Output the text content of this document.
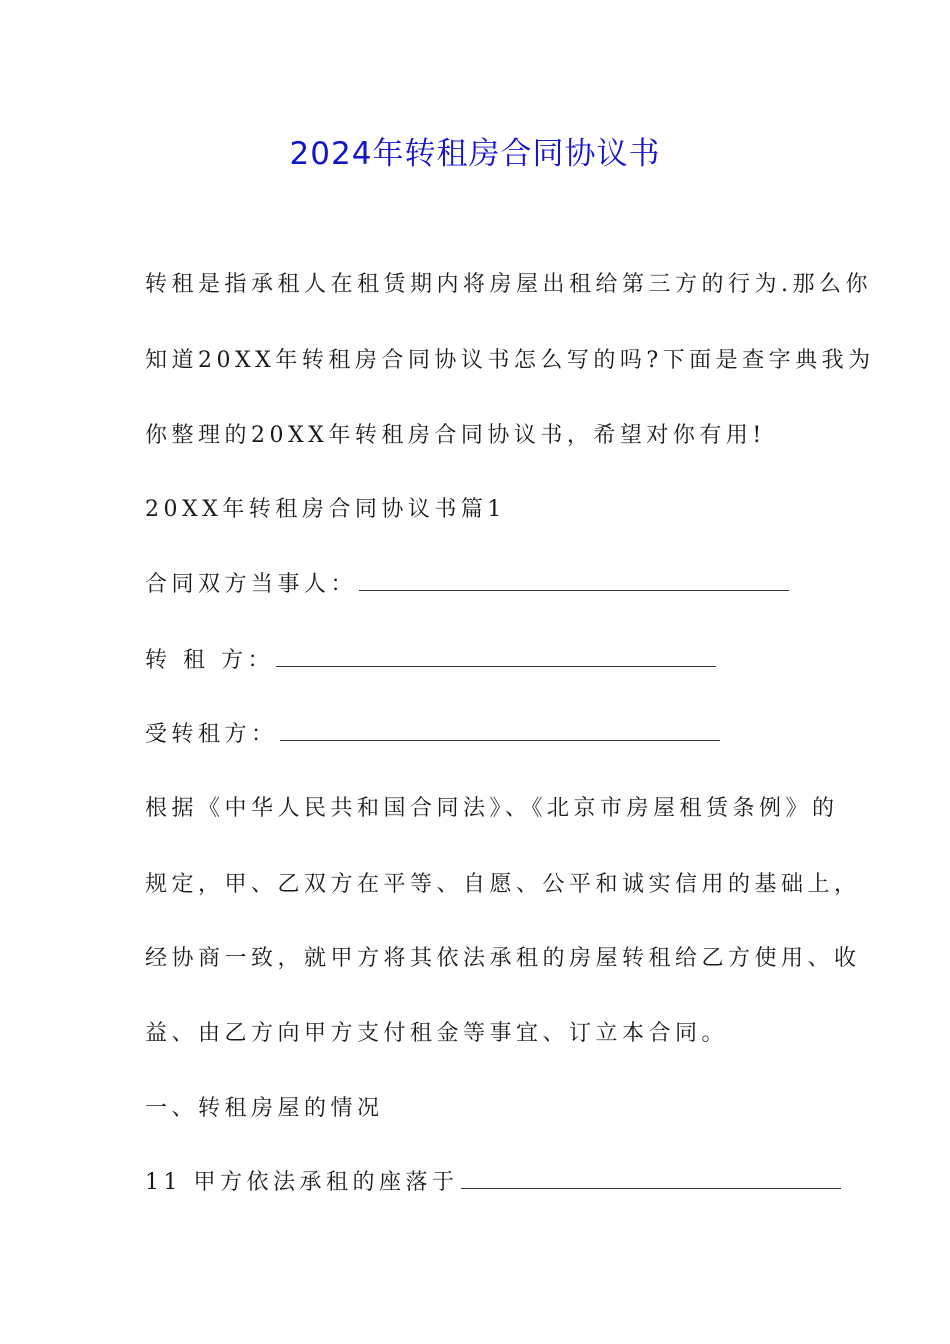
2024年转租房合同协议书
转租是指承租人在租赁期内将房屋出租给第三方的行为.那么你
知道20XX年转租房合同协议书怎么写的吗?下面是查字典我为
你整理的20XX年转租房合同协议书，希望对你有用!
20XX年转租房合同协议书篇1
合同双方当事人：
转 租 方：
受转租方：
根据《中华人民共和国合同法》、《北京市房屋租赁条例》的
规定，甲、乙双方在平等、自愿、公平和诚实信用的基础上，
经协商一致，就甲方将其依法承租的房屋转租给乙方使用、收
益、由乙方向甲方支付租金等事宜、订立本合同。
一、转租房屋的情况
11 甲方依法承租的座落于
